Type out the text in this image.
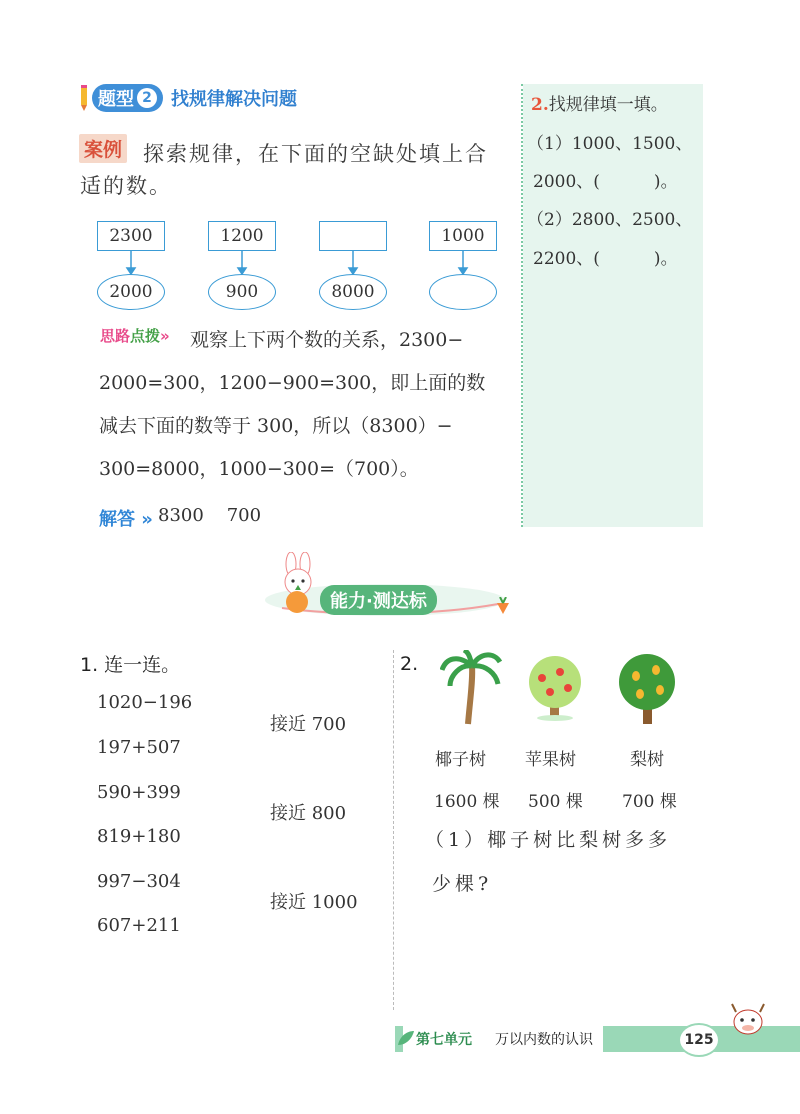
题型 2 找规律解决问题
案例 探索规律，在下面的空缺处填上合
适的数。
2300	1200	1000
2000	900	8000
思路点拨» 观察上下两个数的关系，2300−
2000=300，1200−900=300，即上面的数
减去下面的数等于 300，所以（8300）−
300=8000，1000−300=（700）。
解答 » 8300    700
2.找规律填一填。
（1）1000、1500、
2000、(          )。
（2）2800、2500、
2200、(          )。
能力·测达标
1. 连一连。
1020−196
197+507
590+399
819+180
997−304
607+211
接近 700
接近 800
接近 1000
2.
椰子树 苹果树	梨树
1600 棵 500 棵 700 棵
（1）椰子树比梨树多多
少棵?
第七单元 万以内数的认识	125
